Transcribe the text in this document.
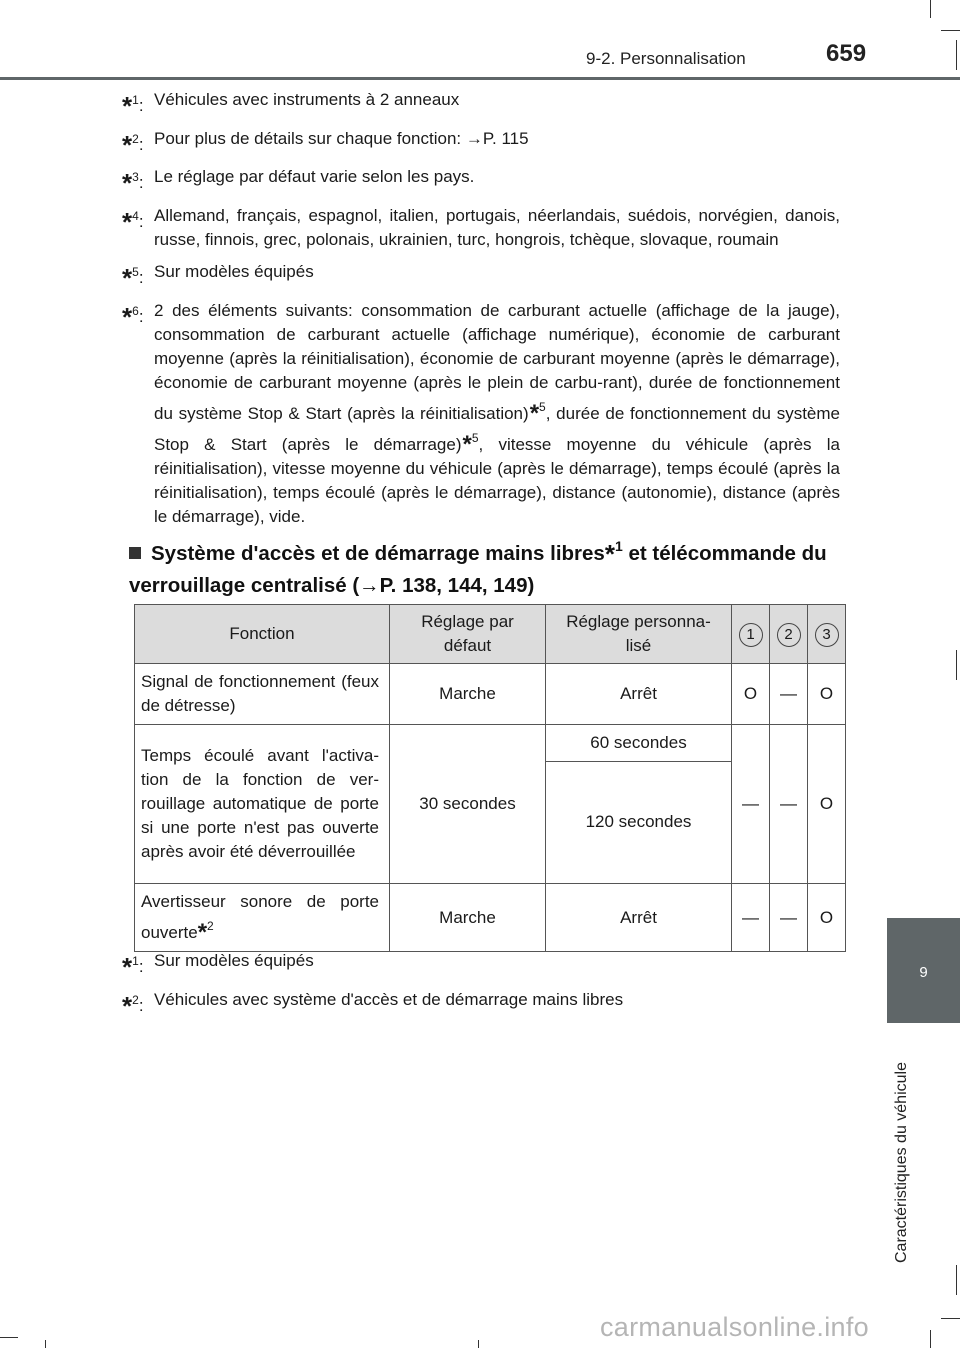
9-2. Personnalisation	659
9
Caractéristiques du véhicule
*$^1$: Véhicules avec instruments à 2 anneaux
*$^2$: Pour plus de détails sur chaque fonction: →P. 115
*$^3$: Le réglage par défaut varie selon les pays.
*$^4$: Allemand, français, espagnol, italien, portugais, néerlandais, suédois, norvégien, danois, russe, finnois, grec, polonais, ukrainien, turc, hongrois, tchèque, slovaque, roumain
*$^5$: Sur modèles équipés
*$^6$: 2 des éléments suivants: consommation de carburant actuelle (affichage de la jauge), consommation de carburant actuelle (affichage numérique), économie de carburant moyenne (après la réinitialisation), économie de carburant moyenne (après le démarrage), économie de carburant moyenne (après le plein de carbu-rant), durée de fonctionnement du système Stop & Start (après la réinitialisation)*$^5$, durée de fonctionnement du système Stop & Start (après le démarrage)*$^5$, vitesse moyenne du véhicule (après la réinitialisation), vitesse moyenne du véhicule (après le démarrage), temps écoulé (après la réinitialisation), temps écoulé (après le démarrage), distance (autonomie), distance (après le démarrage), vide.
Système d'accès et de démarrage mains libres*$^1$ et télécommande du verrouillage centralisé (→P. 138, 144, 149)
Fonction	Réglage par défaut	Réglage personna-lisé	1	2	3
Signal de fonctionnement (feux de détresse)	Marche	Arrêt	O	—	O
Temps écoulé avant l'activa-tion de la fonction de ver-rouillage automatique de porte si une porte n'est pas ouverte après avoir été déverrouillée	30 secondes	60 secondes	—	—	O
		120 secondes			
Avertisseur sonore de porte ouverte*$^2$	Marche	Arrêt	—	—	O
*$^1$: Sur modèles équipés
*$^2$: Véhicules avec système d'accès et de démarrage mains libres
carmanualsonline.info
